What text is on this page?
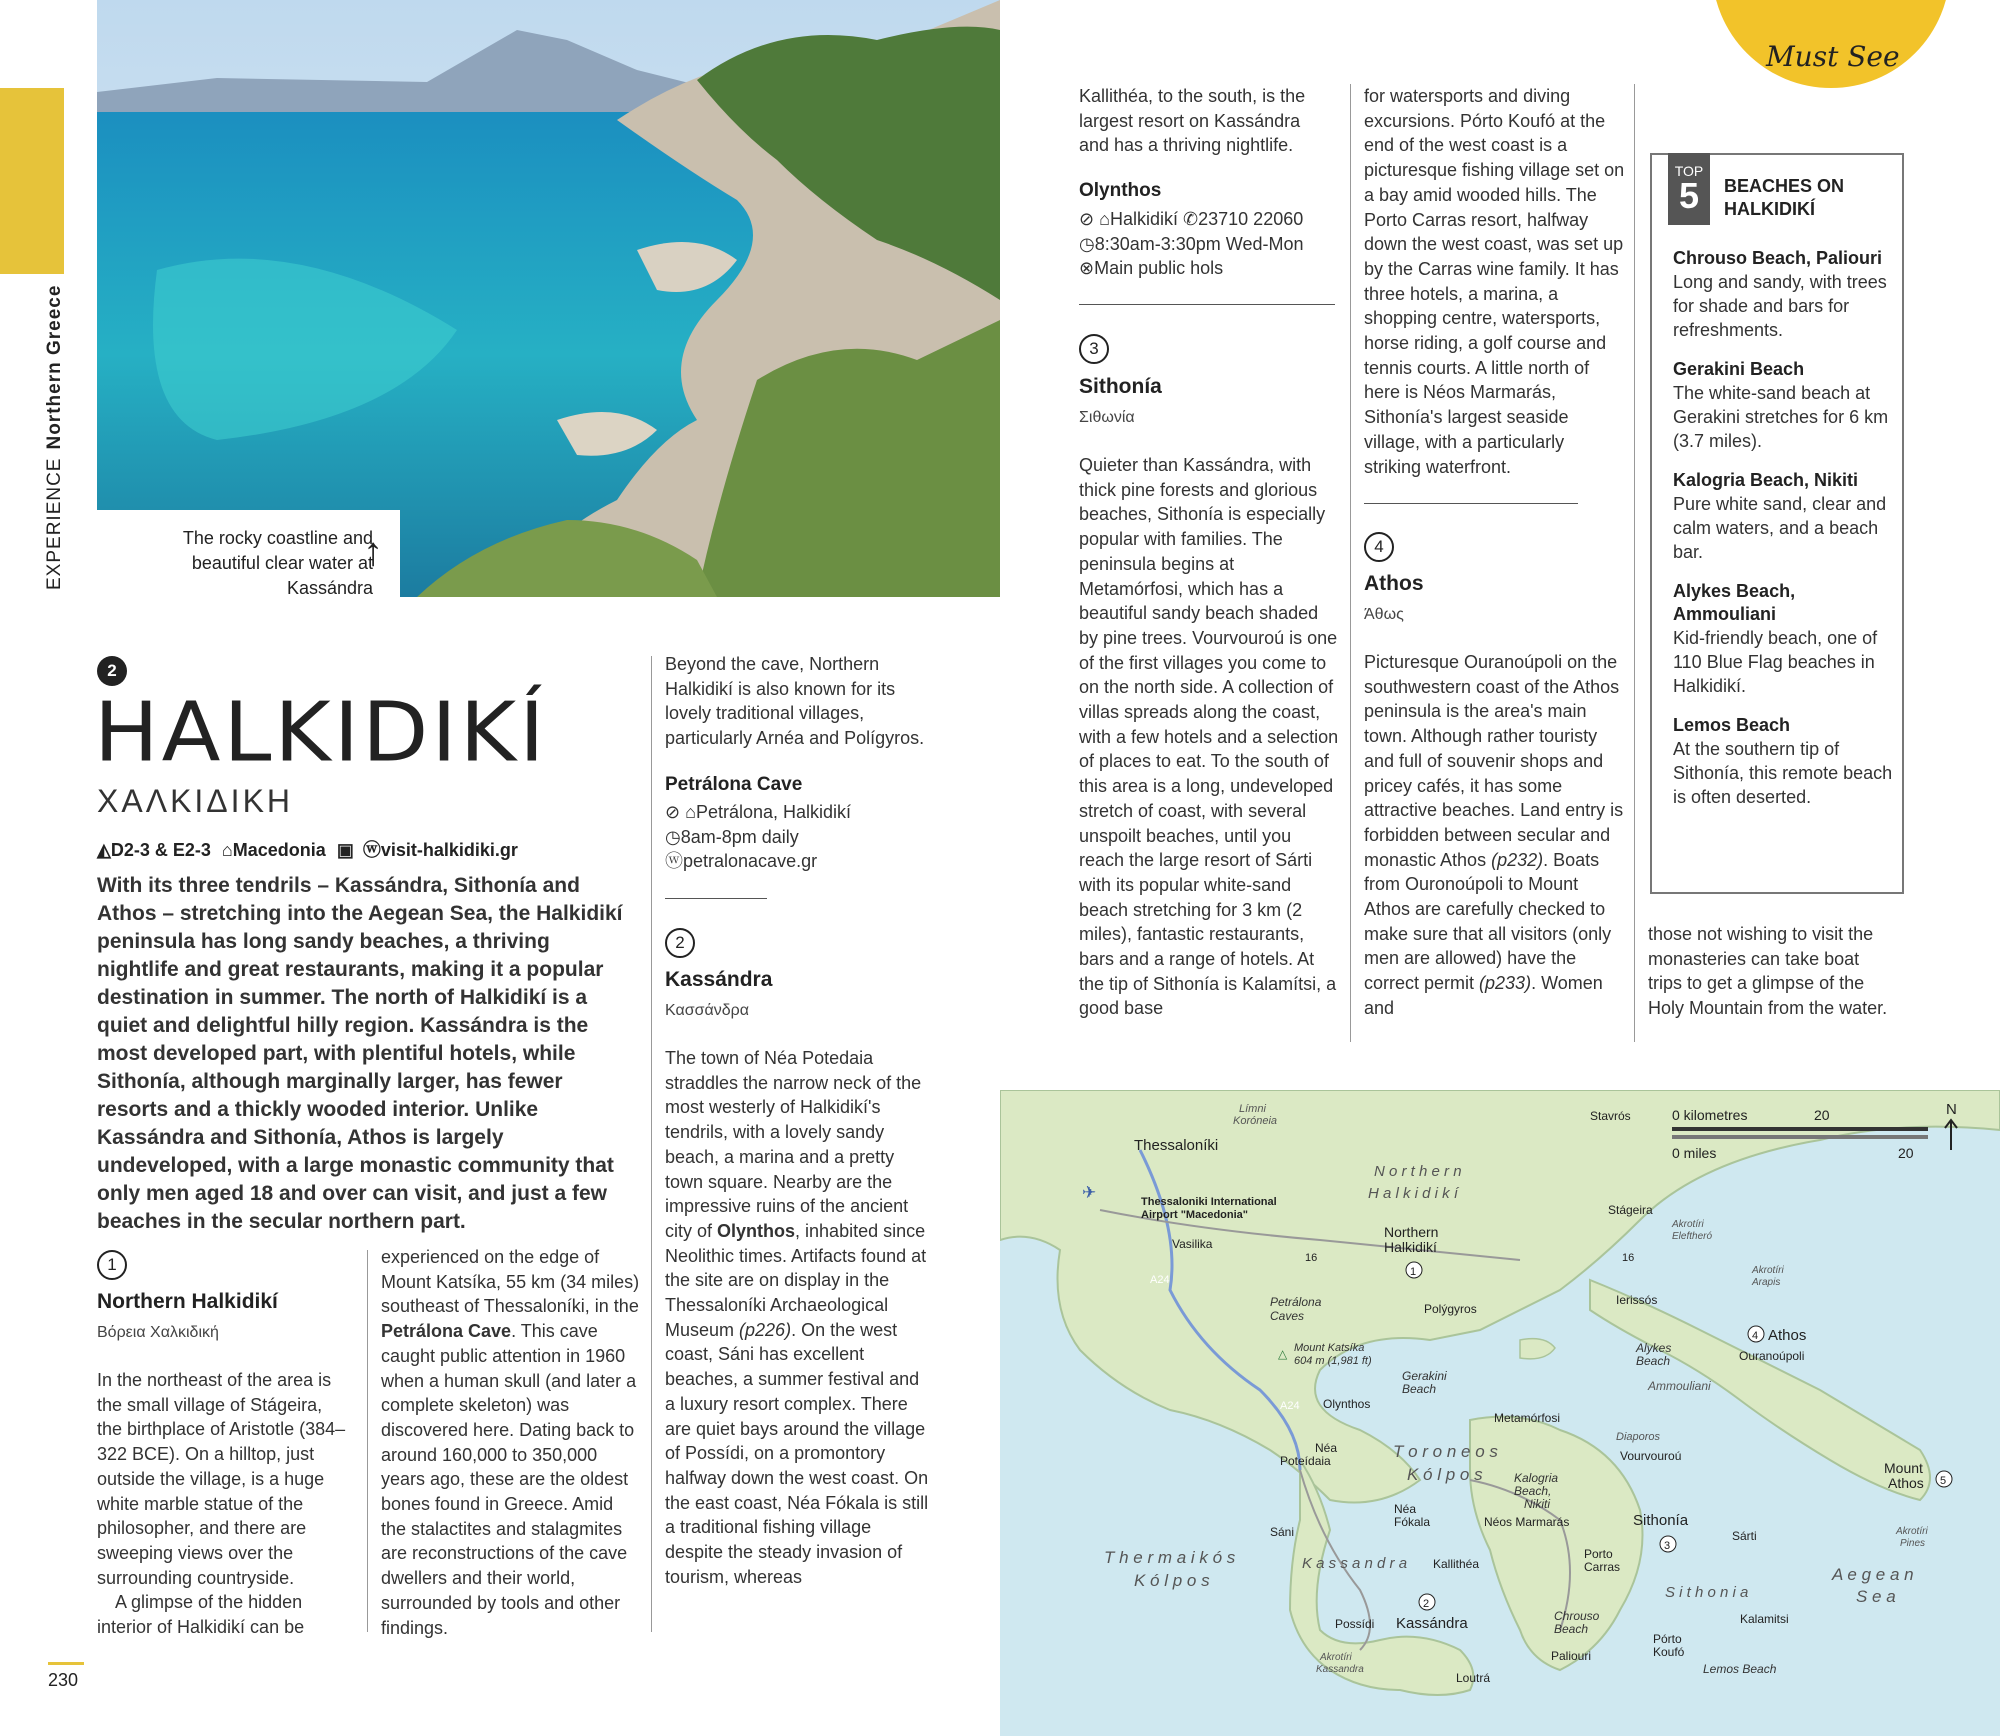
EXPERIENCENorthern Greece

The rocky coastline and beautiful clear water at Kassándra

↑
Must See
2
HALKIDIKÍ
ΧΑΛΚΙΔΙΚΗ
◭D2-3 & E2-3 ⌂Macedonia ▣ ⓦvisit-halkidiki.gr
With its three tendrils – Kassándra, Sithonía and Athos – stretching into the Aegean Sea, the Halkidikí peninsula has long sandy beaches, a thriving nightlife and great restaurants, making it a popular destination in summer. The north of Halkidikí is a quiet and delightful hilly region. Kassándra is the most developed part, with plentiful hotels, while Sithonía, although marginally larger, has fewer resorts and a thickly wooded interior. Unlike Kassándra and Sithonía, Athos is largely undeveloped, with a large monastic community that only men aged 18 and over can visit, and just a few beaches in the secular northern part.
1
Northern Halkidikí
Βόρεια Χαλκιδική

In the northeast of the area is the small village of Stágeira, the birthplace of Aristotle (384–322 BCE). On a hilltop, just outside the village, is a huge white marble statue of the philosopher, and there are sweeping views over the surrounding countryside.

A glimpse of the hidden interior of Halkidikí can be

experienced on the edge of Mount Katsíka, 55 km (34 miles) southeast of Thessaloníki, in the Petrálona Cave. This cave caught public attention in 1960 when a human skull (and later a complete skeleton) was discovered here. Dating back to around 160,000 to 350,000 years ago, these are the oldest bones found in Greece. Amid the stalactites and stalagmites are reconstructions of the cave dwellers and their world, surrounded by tools and other findings.

Beyond the cave, Northern Halkidikí is also known for its lovely traditional villages, particularly Arnéa and Polígyros.
Petrálona Cave

⊘ ⌂Petrálona, Halkidikí

◷8am-8pm daily ⓦpetralonacave.gr

2
Kassándra
Κασσάνδρα

The town of Néa Potedaia straddles the narrow neck of the most westerly of Halkidikí's tendrils, with a lovely sandy beach, a marina and a pretty town square. Nearby are the impressive ruins of the ancient city of Olynthos, inhabited since Neolithic times. Artifacts found at the site are on display in the Thessaloníki Archaeological Museum (p226). On the west coast, Sáni has excellent beaches, a summer festival and a luxury resort complex. There are quiet bays around the village of Possídi, on a promontory halfway down the west coast. On the east coast, Néa Fókala is still a traditional fishing village despite the steady invasion of tourism, whereas

Kallithéa, to the south, is the largest resort on Kassándra and has a thriving nightlife.
Olynthos

⊘ ⌂Halkidikí ✆23710 22060 ◷8:30am-3:30pm Wed-Mon ⊗Main public hols

3
Sithonía
Σιθωνία
Quieter than Kassándra, with thick pine forests and glorious beaches, Sithonía is especially popular with families. The peninsula begins at Metamórfosi, which has a beautiful sandy beach shaded by pine trees. Vourvouroú is one of the first villages you come to on the north side. A collection of villas spreads along the coast, with a few hotels and a selection of places to eat. To the south of this area is a long, undeveloped stretch of coast, with several unspoilt beaches, until you reach the large resort of Sárti with its popular white-sand beach stretching for 3 km (2 miles), fantastic restaurants, bars and a range of hotels. At the tip of Sithonía is Kalamítsi, a good base
for watersports and diving excursions. Pórto Koufó at the end of the west coast is a picturesque fishing village set on a bay amid wooded hills. The Porto Carras resort, halfway down the west coast, was set up by the Carras wine family. It has three hotels, a marina, a shopping centre, watersports, horse riding, a golf course and tennis courts. A little north of here is Néos Marmarás, Sithonía's largest seaside village, with a particularly striking waterfront.
4
Athos
Άθως

Picturesque Ouranoúpoli on the southwestern coast of the Athos peninsula is the area's main town. Although rather touristy and full of souvenir shops and pricey cafés, it has some attractive beaches. Land entry is forbidden between secular and monastic Athos (p232). Boats from Ouronoúpoli to Mount Athos are carefully checked to make sure that all visitors (only men are allowed) have the correct permit (p233). Women and

TOP
5	BEACHES ON
HALKIDIKÍ
Chrouso Beach, Paliouri
Long and sandy, with trees for shade and bars for refreshments.
Gerakini Beach
The white-sand beach at Gerakini stretches for 6 km (3.7 miles).
Kalogria Beach, Nikiti
Pure white sand, clear and calm waters, and a beach bar.
Alykes Beach, Ammouliani
Kid-friendly beach, one of 110 Blue Flag beaches in Halkidikí.
Lemos Beach
At the southern tip of Sithonía, this remote beach is often deserted.
those not wishing to visit the monasteries can take boat trips to get a glimpse of the Holy Mountain from the water.
0 kilometres	20
0 miles	20
N
Thessaloníki
Límni
Koróneia
✈	Thessaloniki International
Airport "Macedonia"
Vasilika
A24
A24
16	16
N o r t h e r n
H a l k i d i k í
Northern
Halkidikí
1
Petrálona
Caves
Mount Katsíka
604 m (1,981 ft)
Polýgyros
Olynthos
Gerakini
Beach
Stavrós
Stágeira
Akrotíri
Eleftheró
Akrotíri
Arapis
Ierissós
4 Athos
Ouranoúpoli
Alykes
Beach
Ammouliani
Metamórfosi
Diaporos
Vourvouroú
Néa
Poteídaia	T o r o n e o s
K ó l p o s	Kalogria
Beach,
Nikiti
Néos Marmarás	Sithonía
3
S i t h o n i a
Sárti
Néa
Fókala
Sáni
T h e r m a i k ó s
K ó l p o s
K a s s a n d r a Kallithéa
Porto
Carras
Possídi
2
Kassándra	Chrouso
Beach
Paliouri
Loutrá
Akrotíri
Kassandra
Pórto
Koufó
Lemos Beach
Kalamitsi
Mount
Athos 5
Akrotíri
Pines
A e g e a n
S e a
△
230
